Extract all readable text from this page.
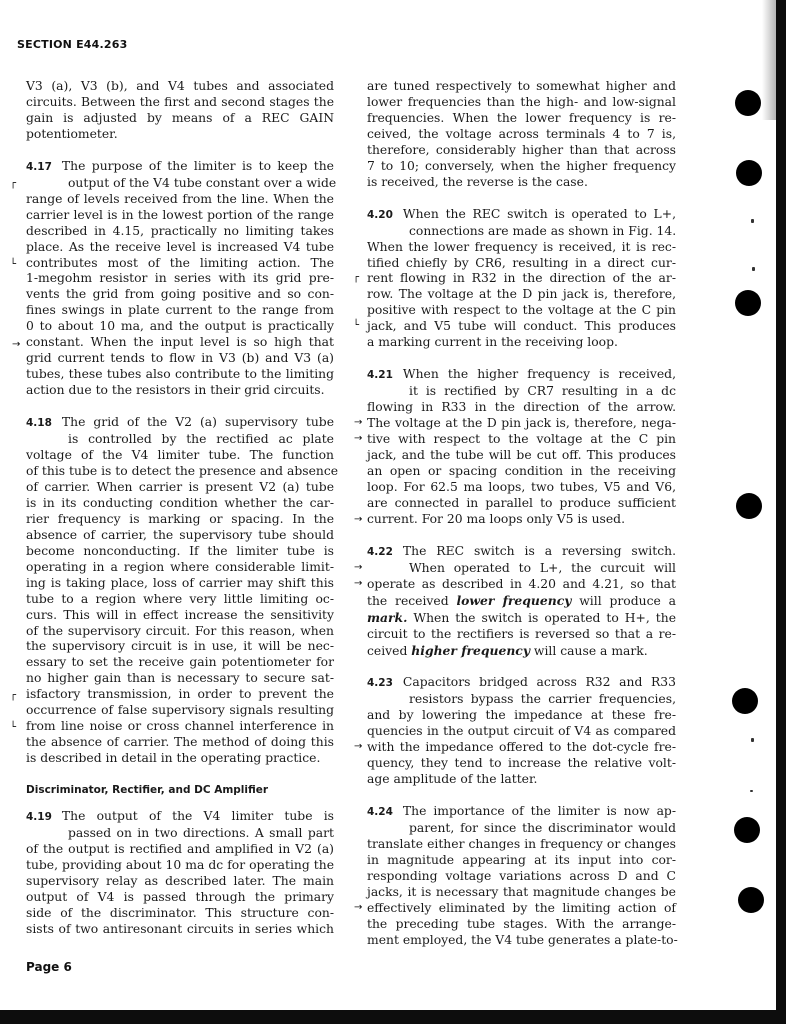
SECTION E44.263
V3 (a), V3 (b), and V4 tubes and associated
circuits. Between the first and second stages the
gain is adjusted by means of a REC GAIN
potentiometer.
4.17 The purpose of the limiter is to keep the
output of the V4 tube constant over a wide
range of levels received from the line. When the
carrier level is in the lowest portion of the range
described in 4.15, practically no limiting takes
place. As the receive level is increased V4 tube
contributes most of the limiting action. The
1-megohm resistor in series with its grid pre-
vents the grid from going positive and so con-
fines swings in plate current to the range from
0 to about 10 ma, and the output is practically
constant. When the input level is so high that
grid current tends to flow in V3 (b) and V3 (a)
tubes, these tubes also contribute to the limiting
action due to the resistors in their grid circuits.
┌
└
→
4.18 The grid of the V2 (a) supervisory tube
is controlled by the rectified ac plate
voltage of the V4 limiter tube. The function
of this tube is to detect the presence and absence
of carrier. When carrier is present V2 (a) tube
is in its conducting condition whether the car-
rier frequency is marking or spacing. In the
absence of carrier, the supervisory tube should
become nonconducting. If the limiter tube is
operating in a region where considerable limit-
ing is taking place, loss of carrier may shift this
tube to a region where very little limiting oc-
curs. This will in effect increase the sensitivity
of the supervisory circuit. For this reason, when
the supervisory circuit is in use, it will be nec-
essary to set the receive gain potentiometer for
no higher gain than is necessary to secure sat-
isfactory transmission, in order to prevent the
occurrence of false supervisory signals resulting
from line noise or cross channel interference in
the absence of carrier. The method of doing this
is described in detail in the operating practice.
┌
└
Discriminator, Rectifier, and DC Amplifier
4.19 The output of the V4 limiter tube is
passed on in two directions. A small part
of the output is rectified and amplified in V2 (a)
tube, providing about 10 ma dc for operating the
supervisory relay as described later. The main
output of V4 is passed through the primary
side of the discriminator. This structure con-
sists of two antiresonant circuits in series which
are tuned respectively to somewhat higher and
lower frequencies than the high- and low-signal
frequencies. When the lower frequency is re-
ceived, the voltage across terminals 4 to 7 is,
therefore, considerably higher than that across
7 to 10; conversely, when the higher frequency
is received, the reverse is the case.
4.20 When the REC switch is operated to L+,
connections are made as shown in Fig. 14.
When the lower frequency is received, it is rec-
tified chiefly by CR6, resulting in a direct cur-
rent flowing in R32 in the direction of the ar-
row. The voltage at the D pin jack is, therefore,
positive with respect to the voltage at the C pin
jack, and V5 tube will conduct. This produces
a marking current in the receiving loop.
┌
└
4.21 When the higher frequency is received,
it is rectified by CR7 resulting in a dc
flowing in R33 in the direction of the arrow.
The voltage at the D pin jack is, therefore, nega-
tive with respect to the voltage at the C pin
jack, and the tube will be cut off. This produces
an open or spacing condition in the receiving
loop. For 62.5 ma loops, two tubes, V5 and V6,
are connected in parallel to produce sufficient
current. For 20 ma loops only V5 is used.
→
→
→
4.22 The REC switch is a reversing switch.
When operated to L+, the curcuit will
operate as described in 4.20 and 4.21, so that
the received lower frequency will produce a
mark. When the switch is operated to H+, the
circuit to the rectifiers is reversed so that a re-
ceived higher frequency will cause a mark.
→
→
4.23 Capacitors bridged across R32 and R33
resistors bypass the carrier frequencies,
and by lowering the impedance at these fre-
quencies in the output circuit of V4 as compared
with the impedance offered to the dot-cycle fre-
quency, they tend to increase the relative volt-
age amplitude of the latter.
→
4.24 The importance of the limiter is now ap-
parent, for since the discriminator would
translate either changes in frequency or changes
in magnitude appearing at its input into cor-
responding voltage variations across D and C
jacks, it is necessary that magnitude changes be
effectively eliminated by the limiting action of
the preceding tube stages. With the arrange-
ment employed, the V4 tube generates a plate-to-
→
Page 6
